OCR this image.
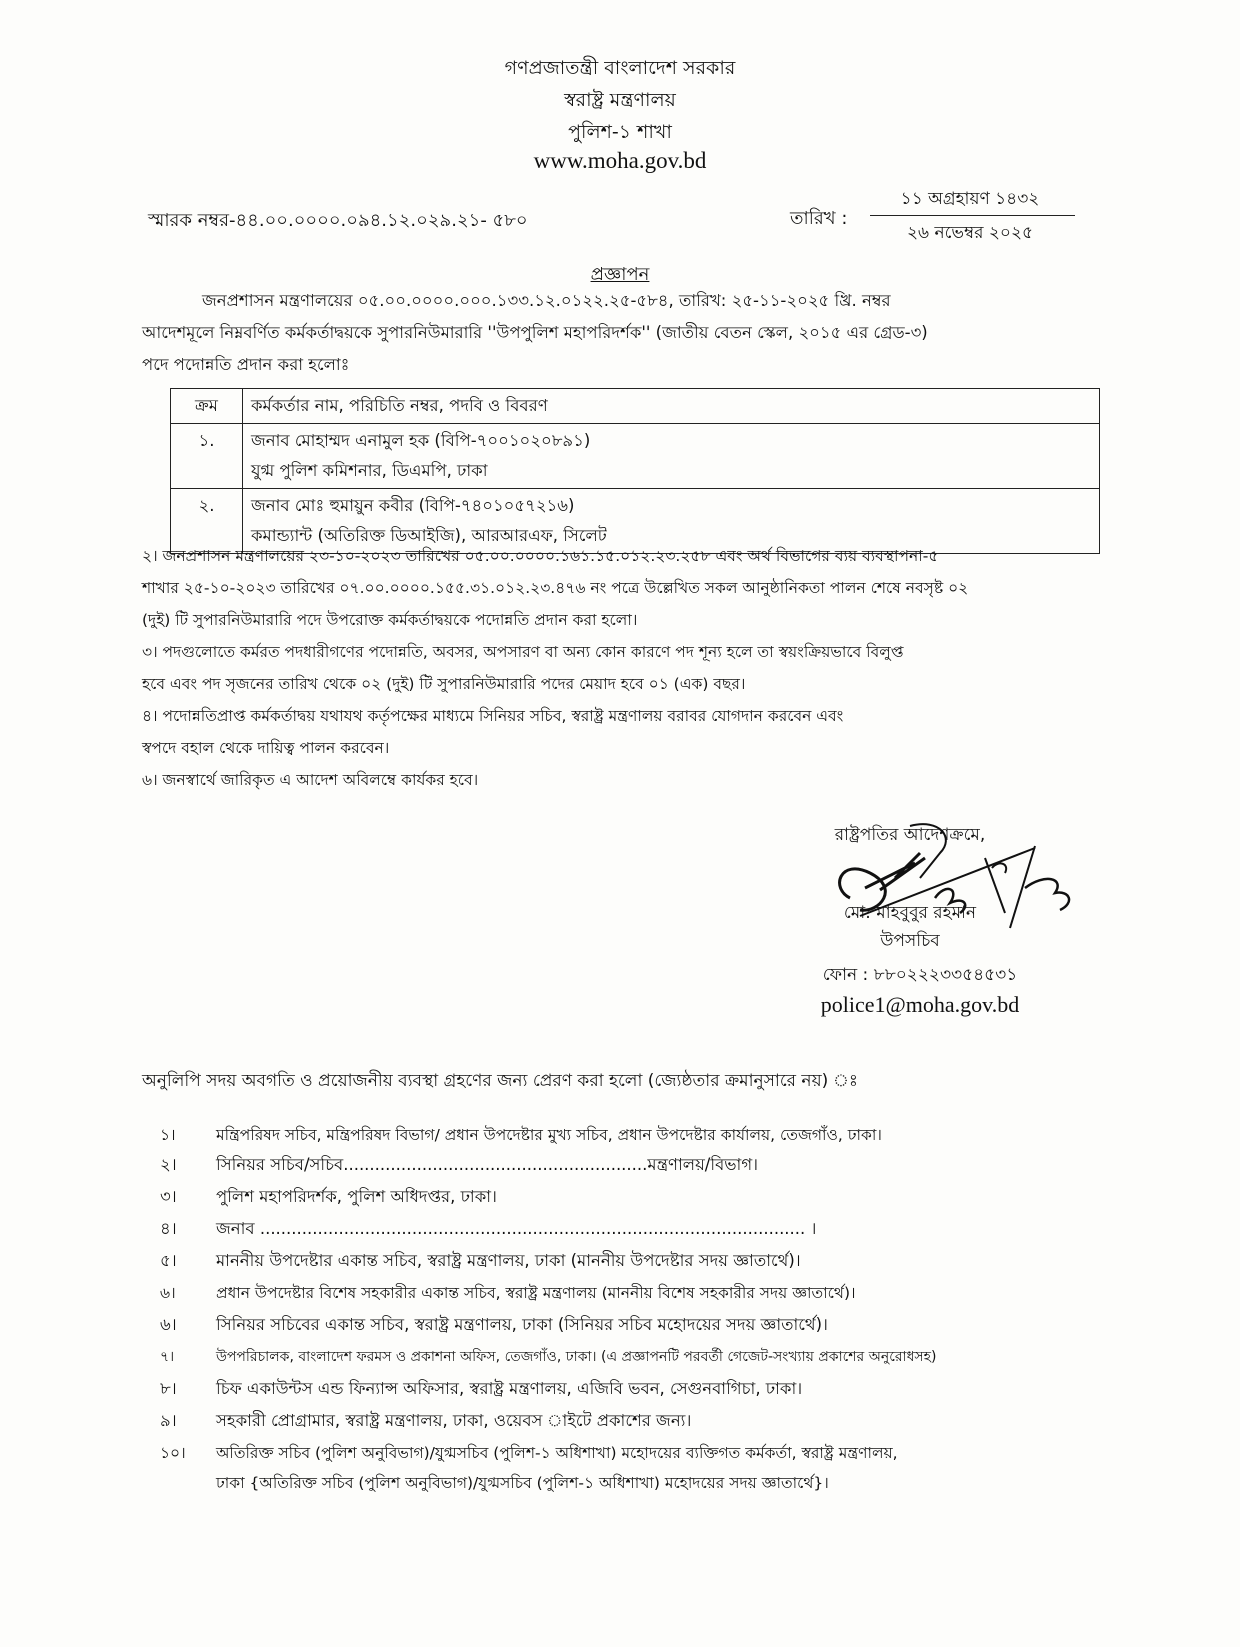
গণপ্রজাতন্ত্রী বাংলাদেশ সরকার
স্বরাষ্ট্র মন্ত্রণালয়
পুলিশ-১ শাখা
www.moha.gov.bd
স্মারক নম্বর-৪৪.০০.০০০০.০৯৪.১২.০২৯.২১- ৫৮০	তারিখ :
১১ অগ্রহায়ণ ১৪৩২
২৬ নভেম্বর ২০২৫
প্রজ্ঞাপন
জনপ্রশাসন মন্ত্রণালয়ের ০৫.০০.০০০০.০০০.১৩৩.১২.০১২২.২৫-৫৮৪, তারিখ: ২৫-১১-২০২৫ খ্রি. নম্বর
আদেশমূলে নিম্নবর্ণিত কর্মকর্তাদ্বয়কে সুপারনিউমারারি ''উপপুলিশ মহাপরিদর্শক'' (জাতীয় বেতন স্কেল, ২০১৫ এর গ্রেড-৩)
পদে পদোন্নতি প্রদান করা হলোঃ
ক্রম	কর্মকর্তার নাম, পরিচিতি নম্বর, পদবি ও বিবরণ
১.	জনাব মোহাম্মদ এনামুল হক (বিপি-৭০০১০২০৮৯১)
যুগ্ম পুলিশ কমিশনার, ডিএমপি, ঢাকা

২.	জনাব মোঃ হুমায়ুন কবীর (বিপি-৭৪০১০৫৭২১৬)
কমান্ড্যান্ট (অতিরিক্ত ডিআইজি), আরআরএফ, সিলেট
২। জনপ্রশাসন মন্ত্রণালয়ের ২৩-১০-২০২৩ তারিখের ০৫.০০.০০০০.১৬১.১৫.০১২.২৩.২৫৮ এবং অর্থ বিভাগের ব্যয় ব্যবস্থাপনা-৫
শাখার ২৫-১০-২০২৩ তারিখের ০৭.০০.০০০০.১৫৫.৩১.০১২.২৩.৪৭৬ নং পত্রে উল্লেখিত সকল আনুষ্ঠানিকতা পালন শেষে নবসৃষ্ট ০২
(দুই) টি সুপারনিউমারারি পদে উপরোক্ত কর্মকর্তাদ্বয়কে পদোন্নতি প্রদান করা হলো।
৩। পদগুলোতে কর্মরত পদধারীগণের পদোন্নতি, অবসর, অপসারণ বা অন্য কোন কারণে পদ শূন্য হলে তা স্বয়ংক্রিয়ভাবে বিলুপ্ত
হবে এবং পদ সৃজনের তারিখ থেকে ০২ (দুই) টি সুপারনিউমারারি পদের মেয়াদ হবে ০১ (এক) বছর।
৪। পদোন্নতিপ্রাপ্ত কর্মকর্তাদ্বয় যথাযথ কর্তৃপক্ষের মাধ্যমে সিনিয়র সচিব, স্বরাষ্ট্র মন্ত্রণালয় বরাবর যোগদান করবেন এবং
স্বপদে বহাল থেকে দায়িত্ব পালন করবেন।
৬। জনস্বার্থে জারিকৃত এ আদেশ অবিলম্বে কার্যকর হবে।
রাষ্ট্রপতির আদেশক্রমে,
মো: মাহবুবুর রহমান
উপসচিব
ফোন : ৮৮০২২২৩৩৫৪৫৩১
police1@moha.gov.bd
অনুলিপি সদয় অবগতি ও প্রয়োজনীয় ব্যবস্থা গ্রহণের জন্য প্রেরণ করা হলো (জ্যেষ্ঠতার ক্রমানুসারে নয়) ঃ
১।	মন্ত্রিপরিষদ সচিব, মন্ত্রিপরিষদ বিভাগ/ প্রধান উপদেষ্টার মুখ্য সচিব, প্রধান উপদেষ্টার কার্যালয়, তেজগাঁও, ঢাকা।
২।	সিনিয়র সচিব/সচিব..........................................................মন্ত্রণালয়/বিভাগ।
৩।	পুলিশ মহাপরিদর্শক, পুলিশ অধিদপ্তর, ঢাকা।
৪।	জনাব ........................................................................................................ ।
৫।	মাননীয় উপদেষ্টার একান্ত সচিব, স্বরাষ্ট্র মন্ত্রণালয়, ঢাকা (মাননীয় উপদেষ্টার সদয় জ্ঞাতার্থে)।
৬।	প্রধান উপদেষ্টার বিশেষ সহকারীর একান্ত সচিব, স্বরাষ্ট্র মন্ত্রণালয় (মাননীয় বিশেষ সহকারীর সদয় জ্ঞাতার্থে)।
৬।	সিনিয়র সচিবের একান্ত সচিব, স্বরাষ্ট্র মন্ত্রণালয়, ঢাকা (সিনিয়র সচিব মহোদয়ের সদয় জ্ঞাতার্থে)।
৭।	উপপরিচালক, বাংলাদেশ ফরমস ও প্রকাশনা অফিস, তেজগাঁও, ঢাকা। (এ প্রজ্ঞাপনটি পরবর্তী গেজেট-সংখ্যায় প্রকাশের অনুরোধসহ)
৮।	চিফ একাউন্টস এন্ড ফিন্যান্স অফিসার, স্বরাষ্ট্র মন্ত্রণালয়, এজিবি ভবন, সেগুনবাগিচা, ঢাকা।
৯।	সহকারী প্রোগ্রামার, স্বরাষ্ট্র মন্ত্রণালয়, ঢাকা, ওয়েবস াইটে প্রকাশের জন্য।
১০।	অতিরিক্ত সচিব (পুলিশ অনুবিভাগ)/যুগ্মসচিব (পুলিশ-১ অধিশাখা) মহোদয়ের ব্যক্তিগত কর্মকর্তা, স্বরাষ্ট্র মন্ত্রণালয়,
ঢাকা {অতিরিক্ত সচিব (পুলিশ অনুবিভাগ)/যুগ্মসচিব (পুলিশ-১ অধিশাখা) মহোদয়ের সদয় জ্ঞাতার্থে}।
